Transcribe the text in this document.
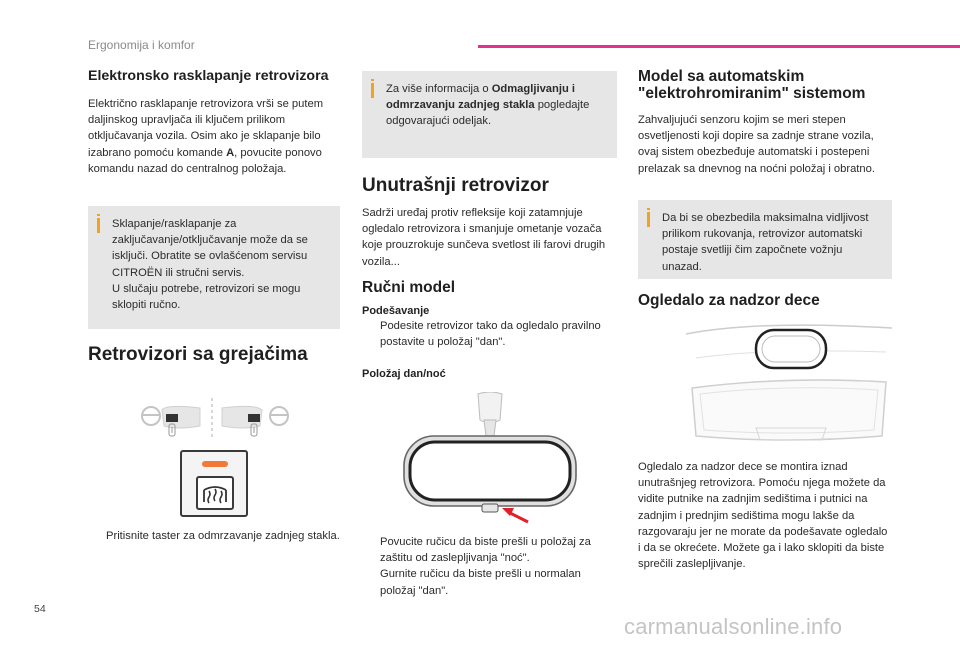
Ergonomija i komfor
54
carmanualsonline.info
Elektronsko rasklapanje retrovizora

Električno rasklapanje retrovizora vrši se putem daljinskog upravljača ili ključem prilikom otključavanja vozila. Osim ako je sklapanje bilo izabrano pomoću komande A, povucite ponovo komandu nazad do centralnog položaja.

Sklapanje/rasklapanje za zaključavanje/otključavanje može da se isključi. Obratite se ovlašćenom servisu CITROËN ili stručni servis.
U slučaju potrebe, retrovizori se mogu sklopiti ručno.
Retrovizori sa grejačima
Pritisnite taster za odmrzavanje zadnjeg stakla.
Za više informacija o Odmagljivanju i odmrzavanju zadnjeg stakla pogledajte odgovarajući odeljak.
Unutrašnji retrovizor

Sadrži uređaj protiv refleksije koji zatamnjuje ogledalo retrovizora i smanjuje ometanje vozača koje prouzrokuje sunčeva svetlost ili farovi drugih vozila...

Ručni model
Podešavanje
Podesite retrovizor tako da ogledalo pravilno postavite u položaj "dan".
Položaj dan/noć
Povucite ručicu da biste prešli u položaj za zaštitu od zaslepljivanja "noć".
Gurnite ručicu da biste prešli u normalan položaj "dan".
Model sa automatskim "elektrohromiranim" sistemom

Zahvaljujući senzoru kojim se meri stepen osvetljenosti koji dopire sa zadnje strane vozila, ovaj sistem obezbeđuje automatski i postepeni prelazak sa dnevnog na noćni položaj i obratno.

Da bi se obezbedila maksimalna vidljivost prilikom rukovanja, retrovizor automatski postaje svetliji čim započnete vožnju unazad.
Ogledalo za nadzor dece

Ogledalo za nadzor dece se montira iznad unutrašnjeg retrovizora. Pomoću njega možete da vidite putnike na zadnjim sedištima i putnici na zadnjim i prednjim sedištima mogu lakše da razgovaraju jer ne morate da podešavate ogledalo i da se okrećete. Možete ga i lako sklopiti da biste sprečili zaslepljivanje.
